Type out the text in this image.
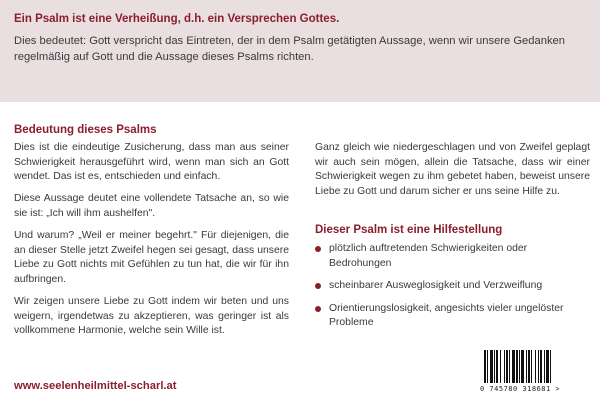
Ein Psalm ist eine Verheißung, d.h. ein Versprechen Gottes.
Dies bedeutet: Gott verspricht das Eintreten, der in dem Psalm getätigten Aussage, wenn wir unsere Gedanken regelmäßig auf Gott und die Aussage dieses Psalms richten.
Bedeutung dieses Psalms
Dies ist die eindeutige Zusicherung, dass man aus seiner Schwierigkeit herausgeführt wird, wenn man sich an Gott wendet. Das ist es, entschieden und einfach.
Diese Aussage deutet eine vollendete Tatsache an, so wie sie ist: „Ich will ihm aushelfen".
Und warum? „Weil er meiner begehrt." Für diejenigen, die an dieser Stelle jetzt Zweifel hegen sei gesagt, dass unsere Liebe zu Gott nichts mit Gefühlen zu tun hat, die wir für ihn aufbringen.
Wir zeigen unsere Liebe zu Gott indem wir beten und uns weigern, irgendetwas zu akzeptieren, was geringer ist als vollkommene Harmonie, welche sein Wille ist.
Ganz gleich wie niedergeschlagen und von Zweifel geplagt wir auch sein mögen, allein die Tatsache, dass wir einer Schwierigkeit wegen zu ihm gebetet haben, beweist unsere Liebe zu Gott und darum sicher er uns seine Hilfe zu.
Dieser Psalm ist eine Hilfestellung
plötzlich auftretenden Schwierigkeiten oder Bedrohungen
scheinbarer Ausweglosigkeit und Verzweiflung
Orientierungslosigkeit, angesichts vieler ungelöster Probleme
www.seelenheilmittel-scharl.at	0 745780 318681 >
